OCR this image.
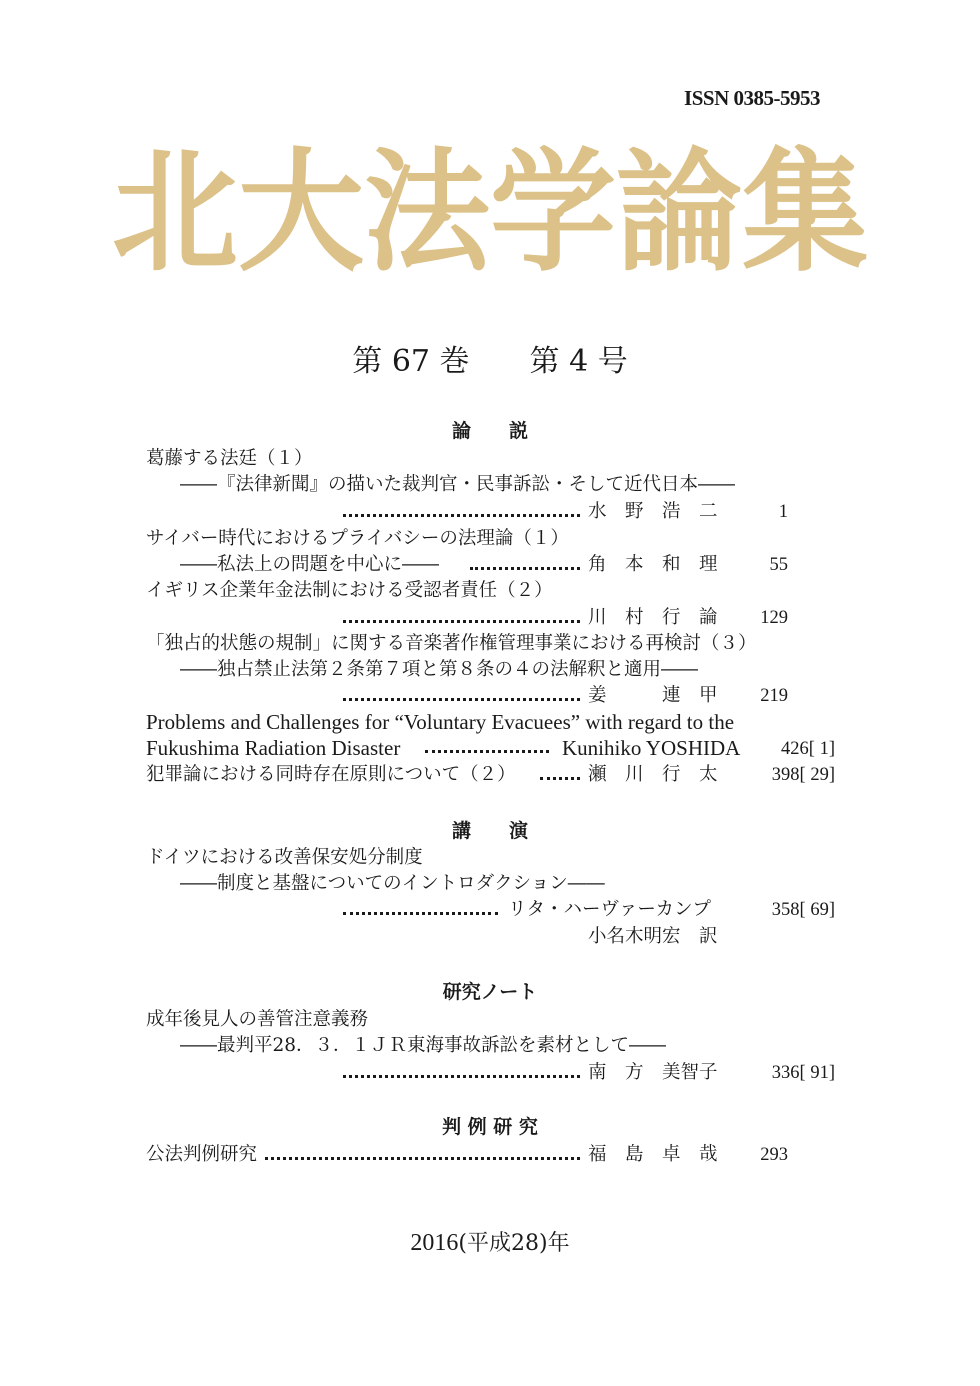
ISSN 0385-5953
北大法学論集
第 67 巻　　第 4 号
論　　説
葛藤する法廷（１）
――『法律新聞』の描いた裁判官・民事訴訟・そして近代日本――
水　野　浩　二	1
サイバー時代におけるプライバシーの法理論（１）
――私法上の問題を中心に――	角　本　和　理	55
イギリス企業年金法制における受認者責任（２）
川　村　行　論 129
「独占的状態の規制」に関する音楽著作権管理事業における再検討（３）
――独占禁止法第２条第７項と第８条の４の法解釈と適用――
姜　　　連　甲 219
Problems and Challenges for “Voluntary Evacuees” with regard to the
Fukushima Radiation Disaster	Kunihiko YOSHIDA 426[ 1]
犯罪論における同時存在原則について（２）	瀬　川　行　太	398[ 29]
講　　演
ドイツにおける改善保安処分制度
――制度と基盤についてのイントロダクション――
リタ・ハーヴァーカンプ	358[ 69]
小名木明宏　訳
研究ノート
成年後見人の善管注意義務
――最判平28．３．１ＪＲ東海事故訴訟を素材として――
南　方　美智子	336[ 91]
判 例 研 究
公法判例研究	福　島　卓　哉 293
2016(平成28)年
